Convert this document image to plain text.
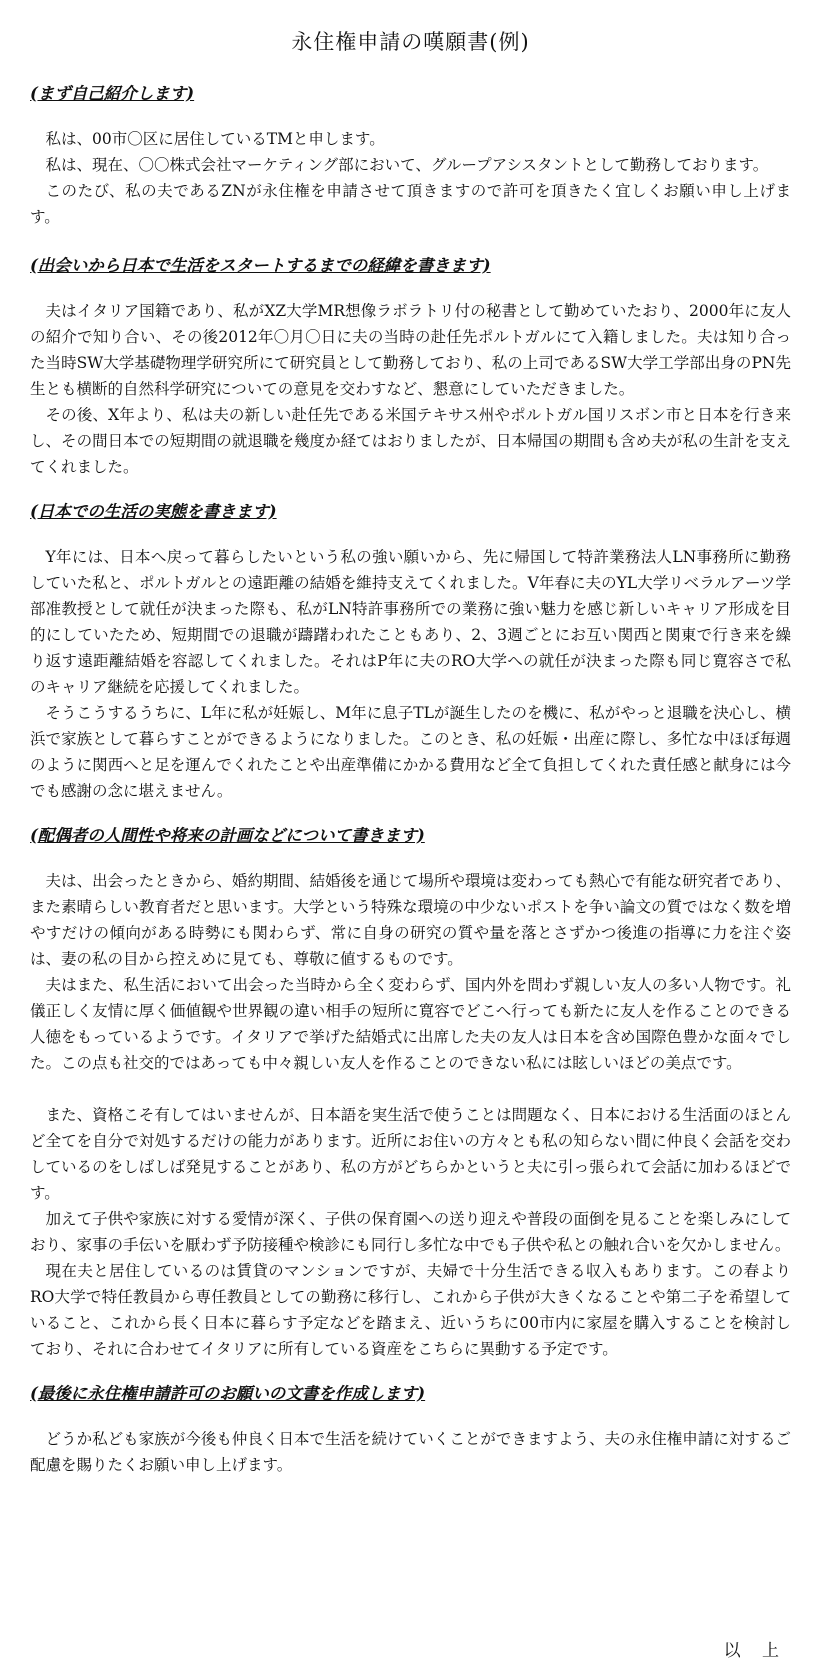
永住権申請の嘆願書(例)

(まず自己紹介します)

私は、00市〇区に居住しているTMと申します。

私は、現在、〇〇株式会社マーケティング部において、グループアシスタントとして勤務しております。

このたび、私の夫であるZNが永住権を申請させて頂きますので許可を頂きたく宜しくお願い申し上げます。

(出会いから日本で生活をスタートするまでの経緯を書きます)

夫はイタリア国籍であり、私がXZ大学MR想像ラボラトリ付の秘書として勤めていたおり、2000年に友人の紹介で知り合い、その後2012年〇月〇日に夫の当時の赴任先ポルトガルにて入籍しました。夫は知り合った当時SW大学基礎物理学研究所にて研究員として勤務しており、私の上司であるSW大学工学部出身のPN先生とも横断的自然科学研究についての意見を交わすなど、懇意にしていただきました。

その後、X年より、私は夫の新しい赴任先である米国テキサス州やポルトガル国リスボン市と日本を行き来し、その間日本での短期間の就退職を幾度か経てはおりましたが、日本帰国の期間も含め夫が私の生計を支えてくれました。

(日本での生活の実態を書きます)

Y年には、日本へ戻って暮らしたいという私の強い願いから、先に帰国して特許業務法人LN事務所に勤務していた私と、ポルトガルとの遠距離の結婚を維持支えてくれました。V年春に夫のYL大学リベラルアーツ学部准教授として就任が決まった際も、私がLN特許事務所での業務に強い魅力を感じ新しいキャリア形成を目的にしていたため、短期間での退職が躊躇われたこともあり、2、3週ごとにお互い関西と関東で行き来を繰り返す遠距離結婚を容認してくれました。それはP年に夫のRO大学への就任が決まった際も同じ寛容さで私のキャリア継続を応援してくれました。

そうこうするうちに、L年に私が妊娠し、M年に息子TLが誕生したのを機に、私がやっと退職を決心し、横浜で家族として暮らすことができるようになりました。このとき、私の妊娠・出産に際し、多忙な中ほぼ毎週のように関西へと足を運んでくれたことや出産準備にかかる費用など全て負担してくれた責任感と献身には今でも感謝の念に堪えません。

(配偶者の人間性や将来の計画などについて書きます)

夫は、出会ったときから、婚約期間、結婚後を通じて場所や環境は変わっても熱心で有能な研究者であり、また素晴らしい教育者だと思います。大学という特殊な環境の中少ないポストを争い論文の質ではなく数を増やすだけの傾向がある時勢にも関わらず、常に自身の研究の質や量を落とさずかつ後進の指導に力を注ぐ姿は、妻の私の目から控えめに見ても、尊敬に値するものです。

夫はまた、私生活において出会った当時から全く変わらず、国内外を問わず親しい友人の多い人物です。礼儀正しく友情に厚く価値観や世界観の違い相手の短所に寛容でどこへ行っても新たに友人を作ることのできる人徳をもっているようです。イタリアで挙げた結婚式に出席した夫の友人は日本を含め国際色豊かな面々でした。この点も社交的ではあっても中々親しい友人を作ることのできない私には眩しいほどの美点です。

また、資格こそ有してはいませんが、日本語を実生活で使うことは問題なく、日本における生活面のほとんど全てを自分で対処するだけの能力があります。近所にお住いの方々とも私の知らない間に仲良く会話を交わしているのをしばしば発見することがあり、私の方がどちらかというと夫に引っ張られて会話に加わるほどです。

加えて子供や家族に対する愛情が深く、子供の保育園への送り迎えや普段の面倒を見ることを楽しみにしており、家事の手伝いを厭わず予防接種や検診にも同行し多忙な中でも子供や私との触れ合いを欠かしません。

現在夫と居住しているのは賃貸のマンションですが、夫婦で十分生活できる収入もあります。この春よりRO大学で特任教員から専任教員としての勤務に移行し、これから子供が大きくなることや第二子を希望していること、これから長く日本に暮らす予定などを踏まえ、近いうちに00市内に家屋を購入することを検討しており、それに合わせてイタリアに所有している資産をこちらに異動する予定です。

(最後に永住権申請許可のお願いの文書を作成します)

どうか私ども家族が今後も仲良く日本で生活を続けていくことができますよう、夫の永住権申請に対するご配慮を賜りたくお願い申し上げます。

以 上
